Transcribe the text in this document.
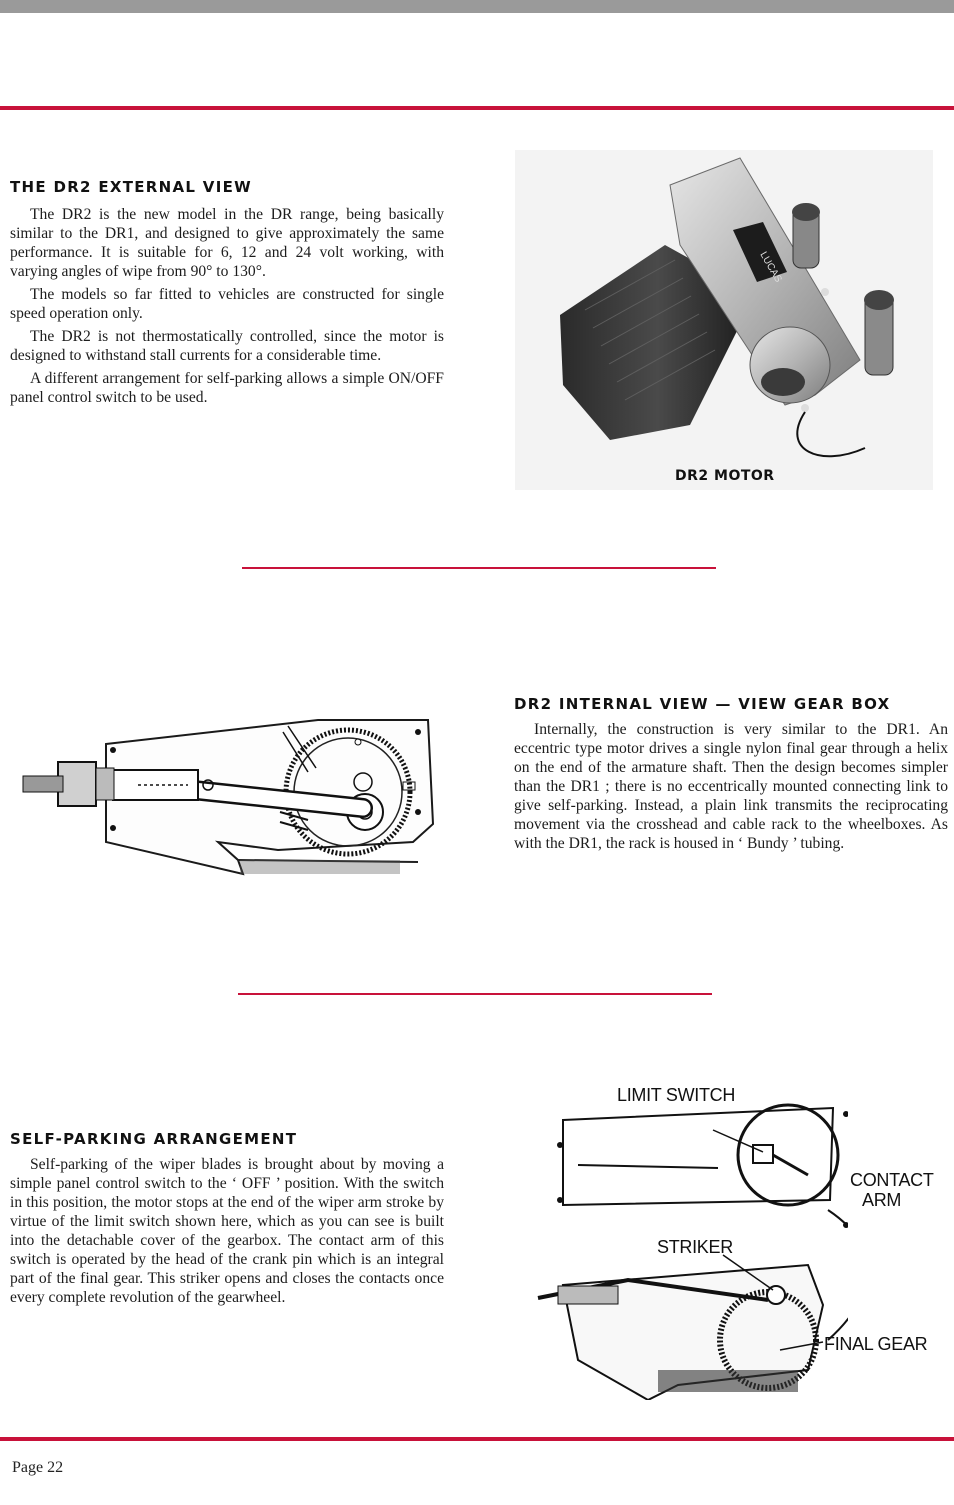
THE DR2 EXTERNAL VIEW

The DR2 is the new model in the DR range, being basically similar to the DR1, and designed to give approximately the same performance. It is suitable for 6, 12 and 24 volt working, with varying angles of wipe from 90° to 130°.

The models so far fitted to vehicles are constructed for single speed operation only.

The DR2 is not thermostatically controlled, since the motor is designed to withstand stall currents for a considerable time.

A different arrangement for self-parking allows a simple ON/OFF panel control switch to be used.

LUCAS
DR2 MOTOR
DR2 INTERNAL VIEW — VIEW GEAR BOX

Internally, the construction is very similar to the DR1. An eccentric type motor drives a single nylon final gear through a helix on the end of the armature shaft. Then the design becomes simpler than the DR1 ; there is no eccentrically mounted connecting link to give self-parking. Instead, a plain link transmits the reciprocating movement via the crosshead and cable rack to the wheelboxes. As with the DR1, the rack is housed in ‘ Bundy ’ tubing.

SELF-PARKING ARRANGEMENT

Self-parking of the wiper blades is brought about by moving a simple panel control switch to the ‘ OFF ’ position. With the switch in this position, the motor stops at the end of the wiper arm stroke by virtue of the limit switch shown here, which as you can see is built into the detachable cover of the gearbox. The contact arm of this switch is operated by the head of the crank pin which is an integral part of the final gear. This striker opens and closes the contacts once every complete revolution of the gearwheel.

LIMIT SWITCH
CONTACT
ARM
STRIKER
FINAL GEAR
Page 22
